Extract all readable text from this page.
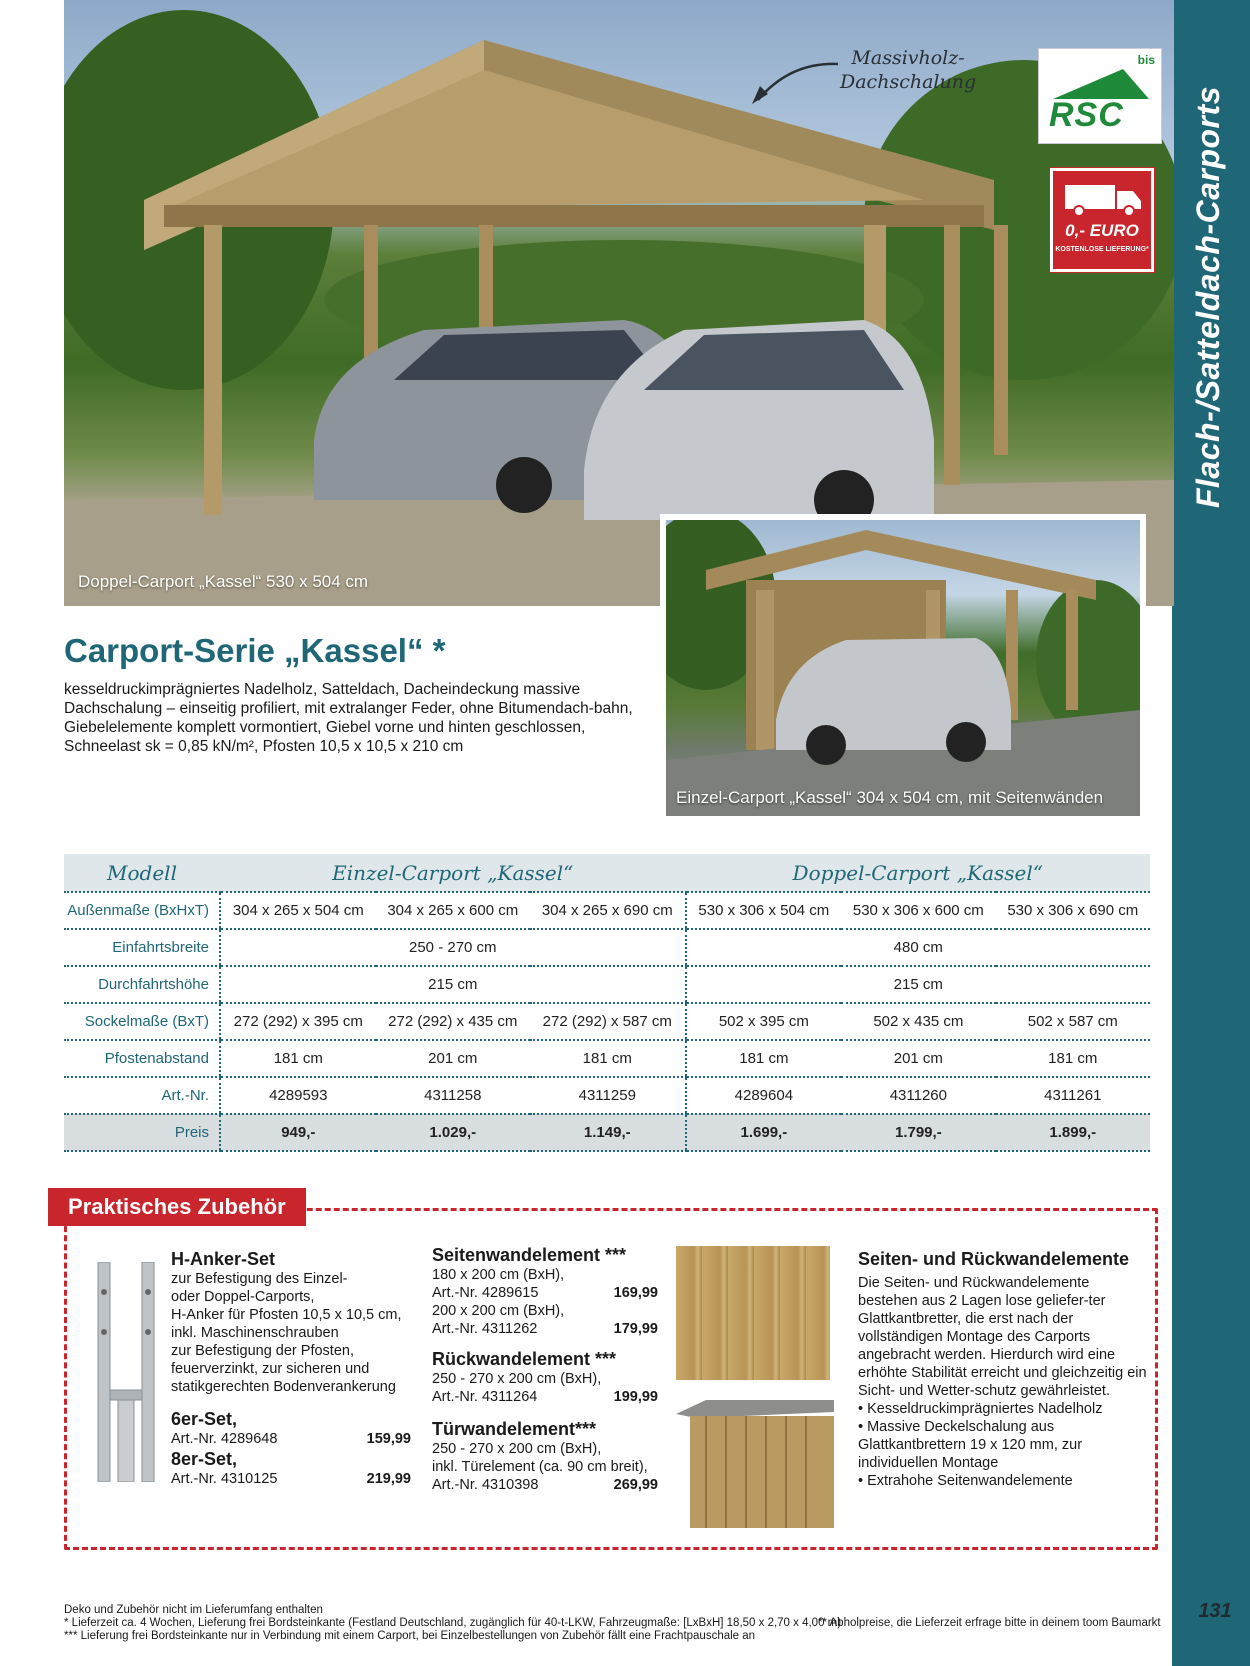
Flach-/Satteldach-Carports
131
Massivholz-
Dachschalung
Doppel-Carport „Kassel“ 530 x 504 cm
bis
RSC
0,- EURO
KOSTENLOSE LIEFERUNG*
Einzel-Carport „Kassel“ 304 x 504 cm, mit Seitenwänden
Carport-Serie „Kassel“ *
kesseldruckimprägniertes Nadelholz, Satteldach, Dacheindeckung massive Dachschalung – einseitig profiliert, mit extralanger Feder, ohne Bitumendach-bahn, Giebelelemente komplett vormontiert, Giebel vorne und hinten geschlossen, Schneelast sk = 0,85 kN/m², Pfosten 10,5 x 10,5 x 210 cm
Modell	Einzel-Carport „Kassel“			Doppel-Carport „Kassel“		
Außenmaße (BxHxT)	304 x 265 x 504 cm	304 x 265 x 600 cm	304 x 265 x 690 cm	530 x 306 x 504 cm	530 x 306 x 600 cm	530 x 306 x 690 cm
Einfahrtsbreite	250 - 270 cm			480 cm		
Durchfahrtshöhe	215 cm			215 cm		
Sockelmaße (BxT)	272 (292) x 395 cm	272 (292) x 435 cm	272 (292) x 587 cm	502 x 395 cm	502 x 435 cm	502 x 587 cm
Pfostenabstand	181 cm	201 cm	181 cm	181 cm	201 cm	181 cm
Art.-Nr.	4289593	4311258	4311259	4289604	4311260	4311261
Preis	949,-	1.029,-	1.149,-	1.699,-	1.799,-	1.899,-
Praktisches Zubehör
H-Anker-Set
zur Befestigung des Einzel-
oder Doppel-Carports,
H-Anker für Pfosten 10,5 x 10,5 cm,
inkl. Maschinenschrauben
zur Befestigung der Pfosten,
feuerverzinkt, zur sicheren und
statikgerechten Bodenverankerung
6er-Set,
Art.-Nr. 4289648	159,99
8er-Set,
Art.-Nr. 4310125	219,99
Seitenwandelement ***
180 x 200 cm (BxH),
Art.-Nr. 4289615	169,99
200 x 200 cm (BxH),
Art.-Nr. 4311262	179,99
Rückwandelement ***
250 - 270 x 200 cm (BxH),
Art.-Nr. 4311264	199,99
Türwandelement***
250 - 270 x 200 cm (BxH),
inkl. Türelement (ca. 90 cm breit),
Art.-Nr. 4310398	269,99
Seiten- und Rückwandelemente
Die Seiten- und Rückwandelemente bestehen aus 2 Lagen lose geliefer-ter Glattkantbretter, die erst nach der vollständigen Montage des Carports angebracht werden. Hierdurch wird eine erhöhte Stabilität erreicht und gleichzeitig ein Sicht- und Wetter-schutz gewährleistet.
• Kesseldruckimprägniertes Nadelholz
• Massive Deckelschalung aus Glattkantbrettern 19 x 120 mm, zur individuellen Montage
• Extrahohe Seitenwandelemente
Deko und Zubehör nicht im Lieferumfang enthalten
* Lieferzeit ca. 4 Wochen, Lieferung frei Bordsteinkante (Festland Deutschland, zugänglich für 40-t-LKW, Fahrzeugmaße: [LxBxH] 18,50 x 2,70 x 4,00 m)
*** Lieferung frei Bordsteinkante nur in Verbindung mit einem Carport, bei Einzelbestellungen von Zubehör fällt eine Frachtpauschale an
** Abholpreise, die Lieferzeit erfrage bitte in deinem toom Baumarkt
